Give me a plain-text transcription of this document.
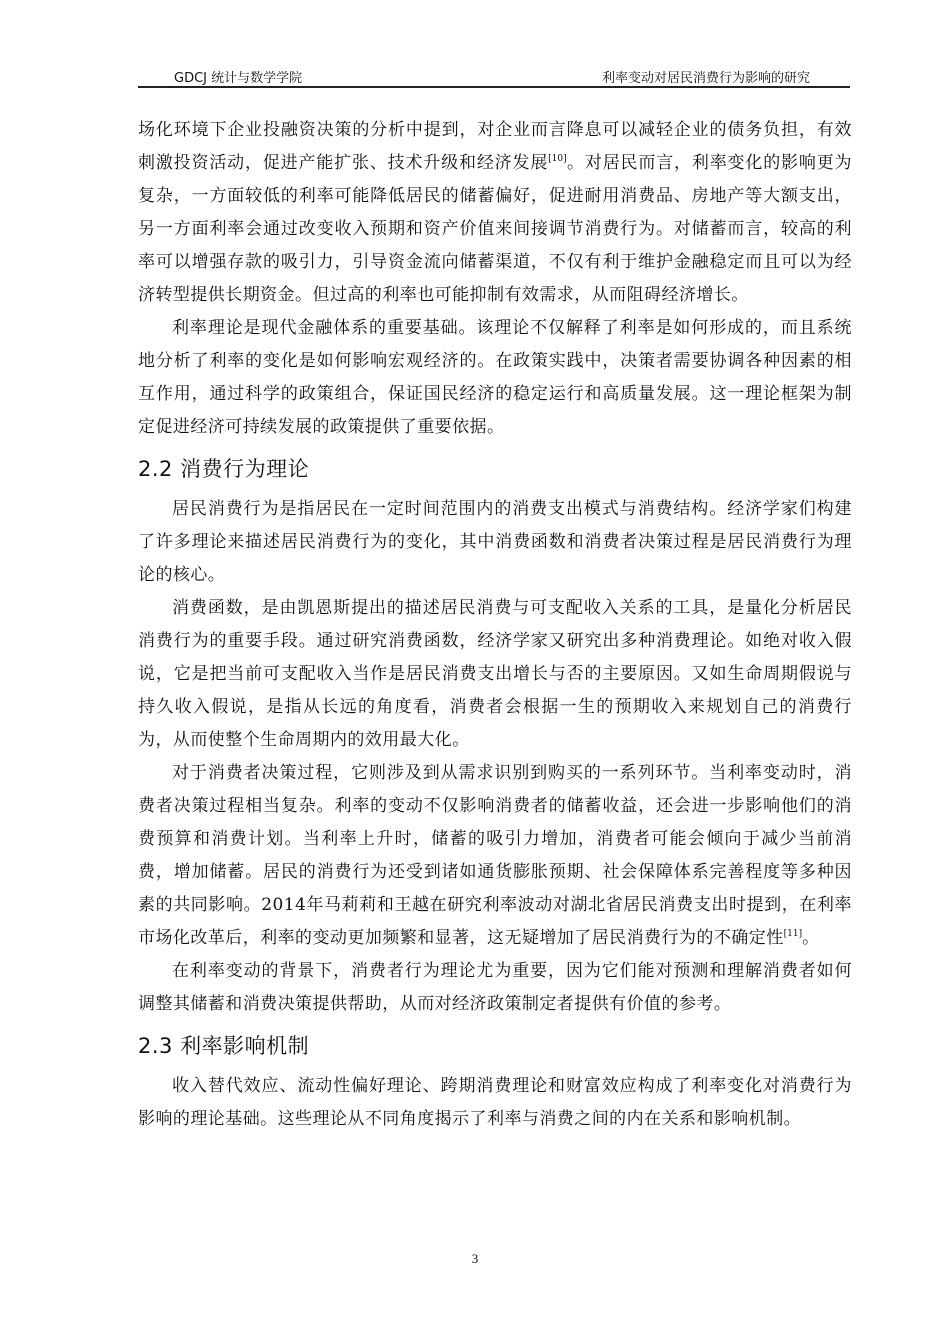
GDCJ 统计与数学学院	利率变动对居民消费行为影响的研究

场化环境下企业投融资决策的分析中提到，对企业而言降息可以减轻企业的债务负担，有效刺激投资活动，促进产能扩张、技术升级和经济发展[10]。对居民而言，利率变化的影响更为复杂，一方面较低的利率可能降低居民的储蓄偏好，促进耐用消费品、房地产等大额支出，另一方面利率会通过改变收入预期和资产价值来间接调节消费行为。对储蓄而言，较高的利率可以增强存款的吸引力，引导资金流向储蓄渠道，不仅有利于维护金融稳定而且可以为经济转型提供长期资金。但过高的利率也可能抑制有效需求，从而阻碍经济增长。

利率理论是现代金融体系的重要基础。该理论不仅解释了利率是如何形成的，而且系统地分析了利率的变化是如何影响宏观经济的。在政策实践中，决策者需要协调各种因素的相互作用，通过科学的政策组合，保证国民经济的稳定运行和高质量发展。这一理论框架为制定促进经济可持续发展的政策提供了重要依据。

2.2 消费行为理论

居民消费行为是指居民在一定时间范围内的消费支出模式与消费结构。经济学家们构建了许多理论来描述居民消费行为的变化，其中消费函数和消费者决策过程是居民消费行为理论的核心。

消费函数，是由凯恩斯提出的描述居民消费与可支配收入关系的工具，是量化分析居民消费行为的重要手段。通过研究消费函数，经济学家又研究出多种消费理论。如绝对收入假说，它是把当前可支配收入当作是居民消费支出增长与否的主要原因。又如生命周期假说与持久收入假说，是指从长远的角度看，消费者会根据一生的预期收入来规划自己的消费行为，从而使整个生命周期内的效用最大化。

对于消费者决策过程，它则涉及到从需求识别到购买的一系列环节。当利率变动时，消费者决策过程相当复杂。利率的变动不仅影响消费者的储蓄收益，还会进一步影响他们的消费预算和消费计划。当利率上升时，储蓄的吸引力增加，消费者可能会倾向于减少当前消费，增加储蓄。居民的消费行为还受到诸如通货膨胀预期、社会保障体系完善程度等多种因素的共同影响。2014年马莉莉和王越在研究利率波动对湖北省居民消费支出时提到，在利率市场化改革后，利率的变动更加频繁和显著，这无疑增加了居民消费行为的不确定性[11]。

在利率变动的背景下，消费者行为理论尤为重要，因为它们能对预测和理解消费者如何调整其储蓄和消费决策提供帮助，从而对经济政策制定者提供有价值的参考。

2.3 利率影响机制

收入替代效应、流动性偏好理论、跨期消费理论和财富效应构成了利率变化对消费行为影响的理论基础。这些理论从不同角度揭示了利率与消费之间的内在关系和影响机制。

3
